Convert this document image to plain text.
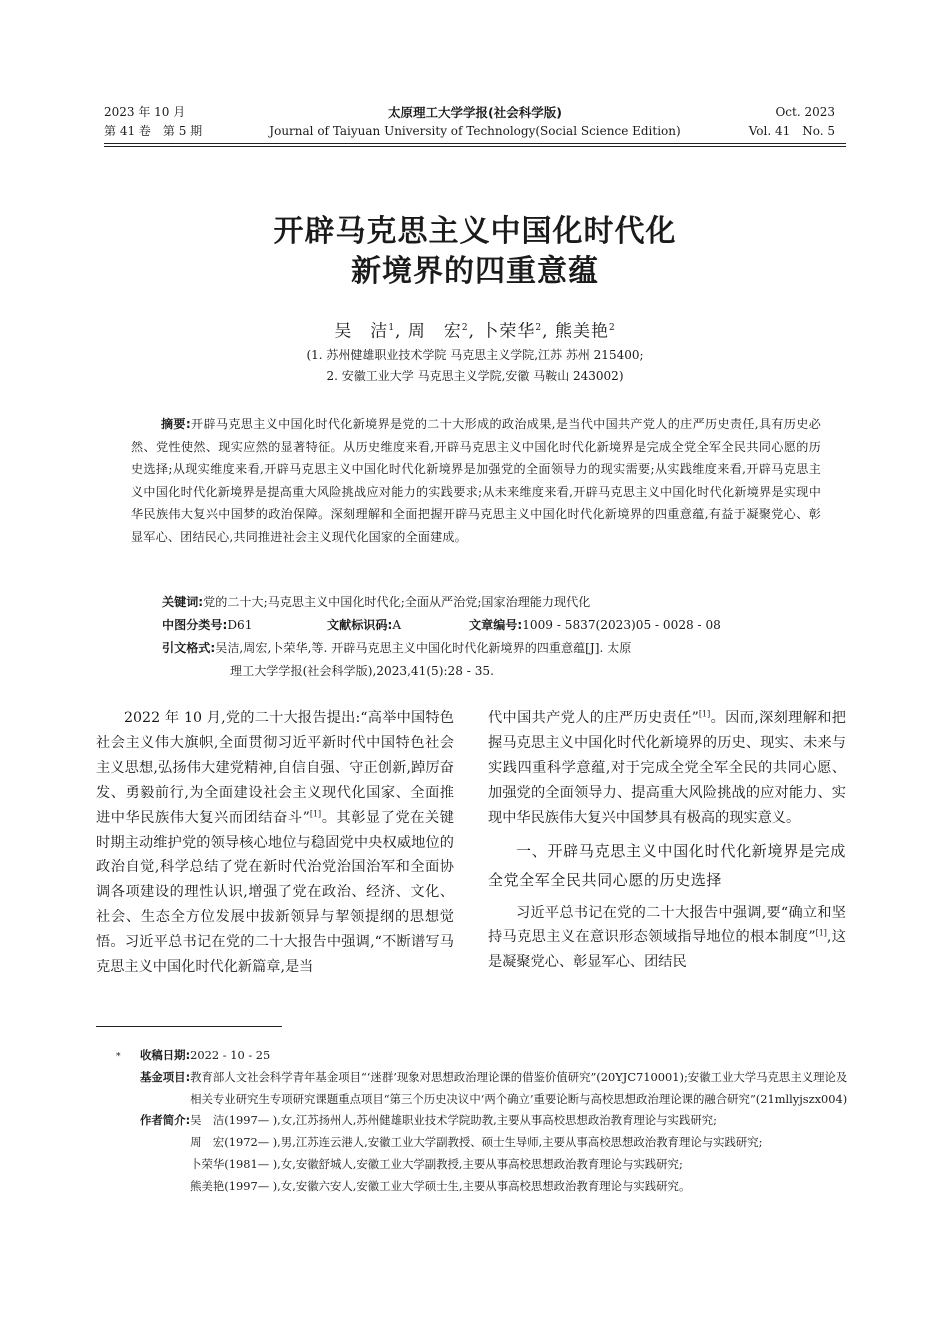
2023 年 10 月
第 41 卷　第 5 期
太原理工大学学报(社会科学版)
Journal of Taiyuan University of Technology(Social Science Edition)
Oct. 2023
Vol. 41　No. 5
开辟马克思主义中国化时代化
新境界的四重意蕴
吴　洁$^1$, 周　宏$^2$, 卜荣华$^2$, 熊美艳$^2$
(1. 苏州健雄职业技术学院 马克思主义学院,江苏 苏州 215400;
2. 安徽工业大学 马克思主义学院,安徽 马鞍山 243002)
摘要:开辟马克思主义中国化时代化新境界是党的二十大形成的政治成果,是当代中国共产党人的庄严历史责任,具有历史必然、党性使然、现实应然的显著特征。从历史维度来看,开辟马克思主义中国化时代化新境界是完成全党全军全民共同心愿的历史选择;从现实维度来看,开辟马克思主义中国化时代化新境界是加强党的全面领导力的现实需要;从实践维度来看,开辟马克思主义中国化时代化新境界是提高重大风险挑战应对能力的实践要求;从未来维度来看,开辟马克思主义中国化时代化新境界是实现中华民族伟大复兴中国梦的政治保障。深刻理解和全面把握开辟马克思主义中国化时代化新境界的四重意蕴,有益于凝聚党心、彰显军心、团结民心,共同推进社会主义现代化国家的全面建成。
关键词:党的二十大;马克思主义中国化时代化;全面从严治党;国家治理能力现代化
中图分类号:D61	文献标识码:A	文章编号:1009 - 5837(2023)05 - 0028 - 08
引文格式:吴洁,周宏,卜荣华,等. 开辟马克思主义中国化时代化新境界的四重意蕴[J]. 太原
理工大学学报(社会科学版),2023,41(5):28 - 35.

2022 年 10 月,党的二十大报告提出:“高举中国特色社会主义伟大旗帜,全面贯彻习近平新时代中国特色社会主义思想,弘扬伟大建党精神,自信自强、守正创新,踔厉奋发、勇毅前行,为全面建设社会主义现代化国家、全面推进中华民族伟大复兴而团结奋斗”[1]。其彰显了党在关键时期主动维护党的领导核心地位与稳固党中央权威地位的政治自觉,科学总结了党在新时代治党治国治军和全面协调各项建设的理性认识,增强了党在政治、经济、文化、社会、生态全方位发展中拔新领异与挈领提纲的思想觉悟。习近平总书记在党的二十大报告中强调,“不断谱写马克思主义中国化时代化新篇章,是当

代中国共产党人的庄严历史责任”[1]。因而,深刻理解和把握马克思主义中国化时代化新境界的历史、现实、未来与实践四重科学意蕴,对于完成全党全军全民的共同心愿、加强党的全面领导力、提高重大风险挑战的应对能力、实现中华民族伟大复兴中国梦具有极高的现实意义。

一、开辟马克思主义中国化时代化新境界是完成全党全军全民共同心愿的历史选择

习近平总书记在党的二十大报告中强调,要“确立和坚持马克思主义在意识形态领域指导地位的根本制度”[1],这是凝聚党心、彰显军心、团结民

* 收稿日期: 2022 - 10 - 25
基金项目: 教育部人文社会科学青年基金项目“‘迷群’现象对思想政治理论课的借鉴价值研究”(20YJC710001);安徽工业大学马克思主义理论及相关专业研究生专项研究课题重点项目“第三个历史决议中‘两个确立’重要论断与高校思想政治理论课的融合研究”(21mllyjszx004)
作者简介: 吴　洁(1997— ),女,江苏扬州人,苏州健雄职业技术学院助教,主要从事高校思想政治教育理论与实践研究;
周　宏(1972— ),男,江苏连云港人,安徽工业大学副教授、硕士生导师,主要从事高校思想政治教育理论与实践研究;
卜荣华(1981— ),女,安徽舒城人,安徽工业大学副教授,主要从事高校思想政治教育理论与实践研究;
熊美艳(1997— ),女,安徽六安人,安徽工业大学硕士生,主要从事高校思想政治教育理论与实践研究。
